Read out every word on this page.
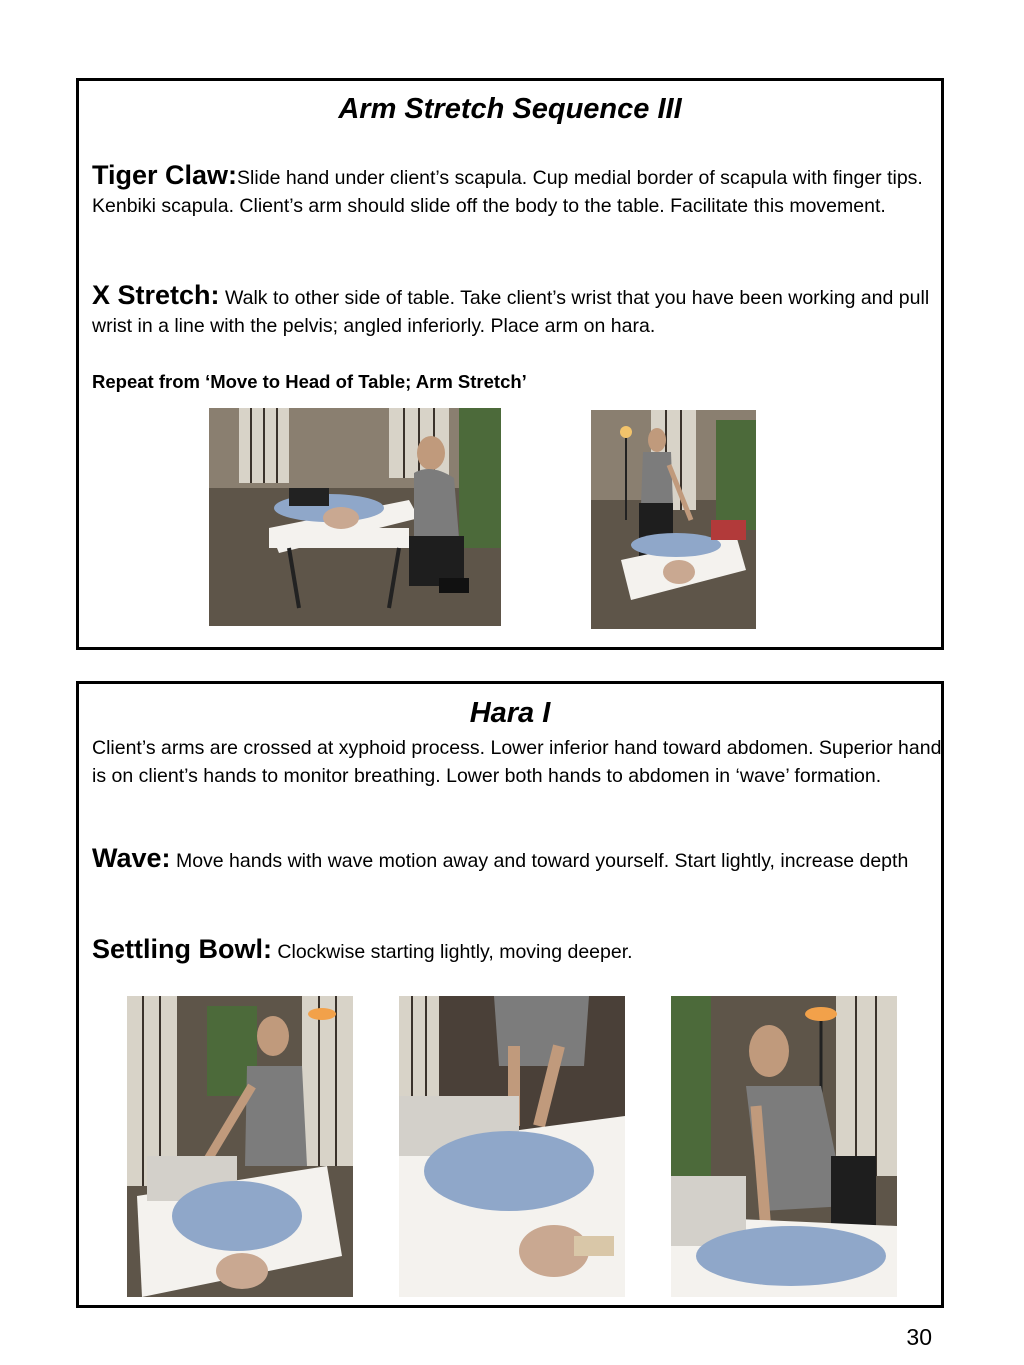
Arm Stretch Sequence III
Tiger Claw:Slide hand under client’s scapula. Cup medial border of scapula with finger tips. Kenbiki scapula. Client’s arm should slide off the body to the table. Facilitate this movement.
X Stretch: Walk to other side of table. Take client’s wrist that you have been working and pull wrist in a line with the pelvis; angled inferiorly. Place arm on hara.
Repeat from ‘Move to Head of Table; Arm Stretch’
Hara I
Client’s arms are crossed at xyphoid process. Lower inferior hand toward abdomen. Superior hand is on client’s hands to monitor breathing. Lower both hands to abdomen in ‘wave’ formation.
Wave: Move hands with wave motion away and toward yourself. Start lightly, increase depth
Settling Bowl: Clockwise starting lightly, moving deeper.
30
